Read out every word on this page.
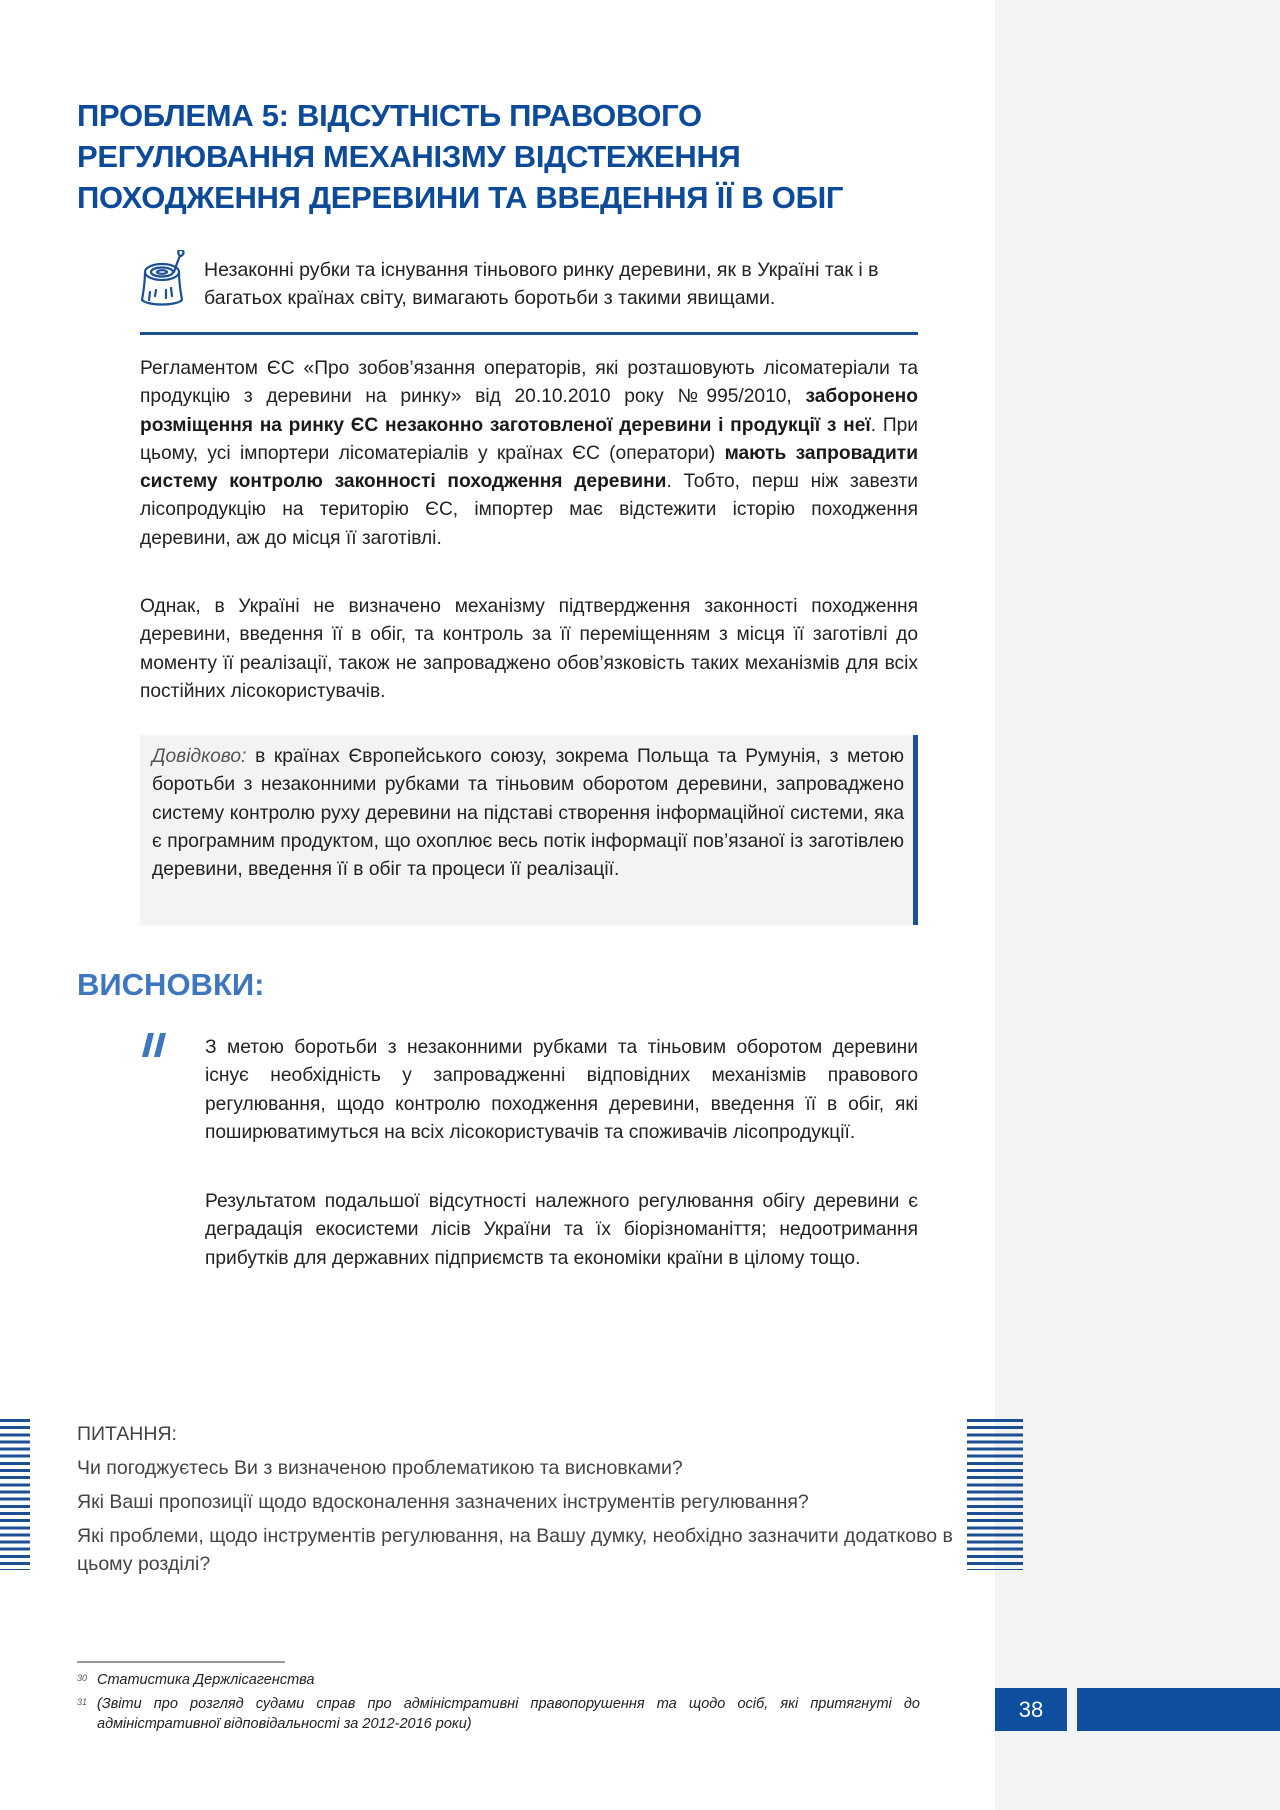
ПРОБЛЕМА 5: ВІДСУТНІСТЬ ПРАВОВОГО
РЕГУЛЮВАННЯ МЕХАНІЗМУ ВІДСТЕЖЕННЯ
ПОХОДЖЕННЯ ДЕРЕВИНИ ТА ВВЕДЕННЯ ЇЇ В ОБІГ
Незаконні рубки та існування тіньового ринку деревини, як в Україні так і в багатьох країнах світу, вимагають боротьби з такими явищами.

Регламентом ЄС «Про зобов’язання операторів, які розташовують лісоматеріали та продукцію з деревини на ринку» від 20.10.2010 року №995/2010, заборонено розміщення на ринку ЄС незаконно заготовленої деревини і продукції з неї. При цьому, усі імпортери лісоматеріалів у країнах ЄС (оператори) мають запровадити систему контролю законності походження деревини. Тобто, перш ніж завезти лісопродукцію на територію ЄС, імпортер має відстежити історію походження деревини, аж до місця її заготівлі.

Однак, в Україні не визначено механізму підтвердження законності походження деревини, введення її в обіг, та контроль за її переміщенням з місця її заготівлі до моменту її реалізації, також не запроваджено обов’язковість таких механізмів для всіх постійних лісокористувачів.

Довідково: в країнах Європейського союзу, зокрема Польща та Румунія, з метою боротьби з незаконними рубками та тіньовим оборотом деревини, запроваджено систему контролю руху деревини на підставі створення інформаційної системи, яка є програмним продуктом, що охоплює весь потік інформації пов’язаної із заготівлею деревини, введення її в обіг та процеси її реалізації.

ВИСНОВКИ:

З метою боротьби з незаконними рубками та тіньовим оборотом деревини існує необхідність у запровадженні відповідних механізмів правового регулювання, щодо контролю походження деревини, введення її в обіг, які поширюватимуться на всіх лісокористувачів та споживачів лісопродукції.

Результатом подальшої відсутності належного регулювання обігу деревини є деградація екосистеми лісів України та їх біорізноманіття; недоотримання прибутків для державних підприємств та економіки країни в цілому тощо.

ПИТАННЯ:

Чи погоджуєтесь Ви з визначеною проблематикою та висновками?

Які Ваші пропозиції щодо вдосконалення зазначених інструментів регулювання?

Які проблеми, щодо інструментів регулювання, на Вашу думку, необхідно зазначити додатково в цьому розділі?

30 Статистика Держлісагенства

31 (Звіти про розгляд судами справ про адміністративні правопорушення та щодо осіб, які притягнуті до адміністративної відповідальності за 2012-2016 роки)

38
